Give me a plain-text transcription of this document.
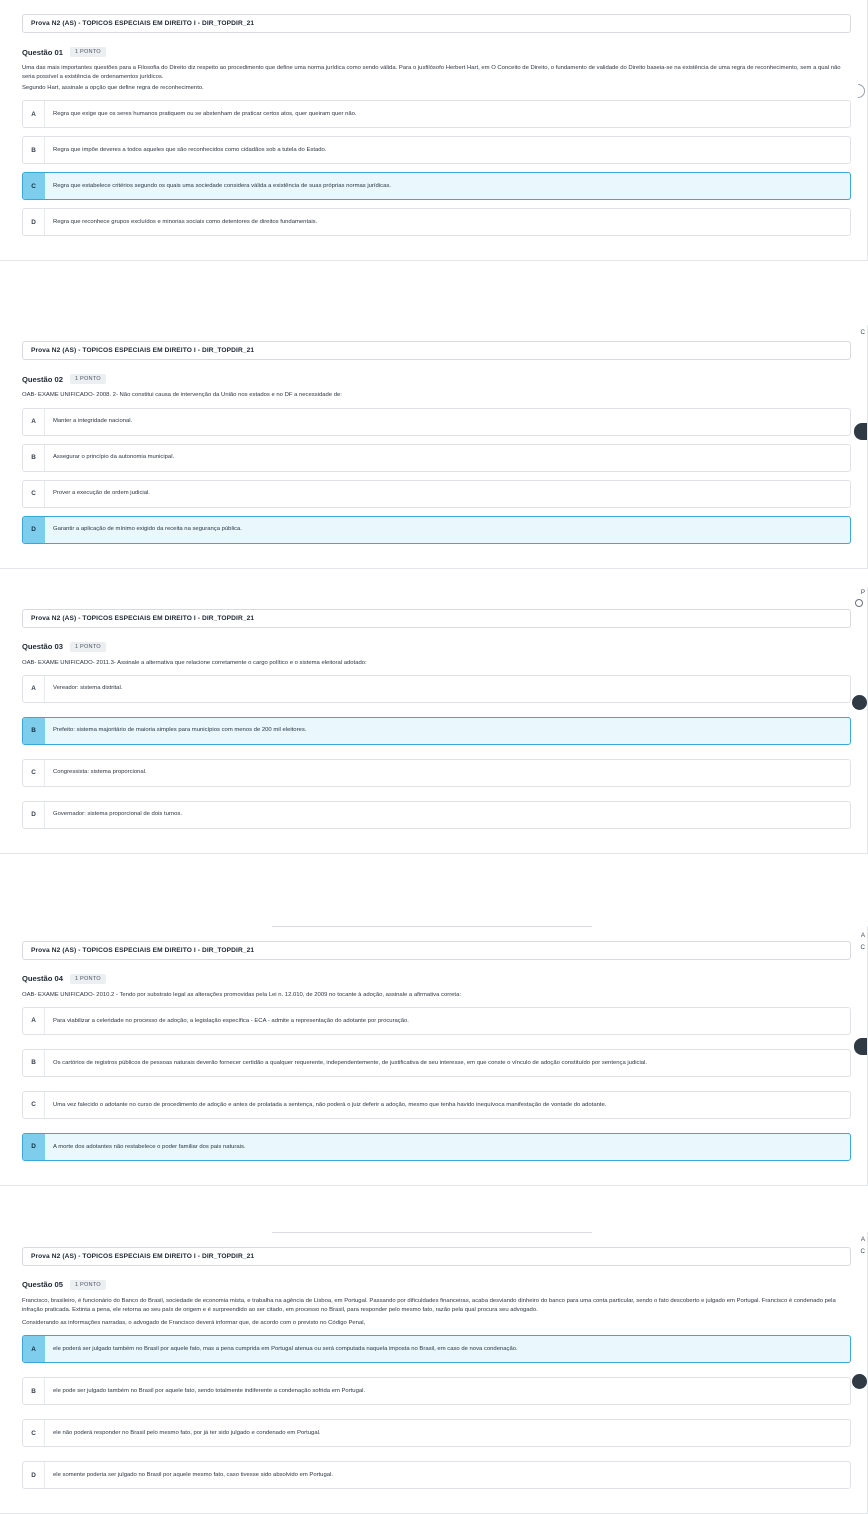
Prova N2 (AS) - TOPICOS ESPECIAIS EM DIREITO I - DIR_TOPDIR_21
Questão 01	1 PONTO
Uma das mais importantes questões para a Filosofia do Direito diz respeito ao procedimento que define uma norma jurídica como sendo válida. Para o jusfilósofo Herbert Hart, em O Conceito de Direito, o fundamento de validade do Direito baseia-se na existência de uma regra de reconhecimento, sem a qual não seria possível a existência de ordenamentos jurídicos.
Segundo Hart, assinale a opção que define regra de reconhecimento.
A	Regra que exige que os seres humanos pratiquem ou se abstenham de praticar certos atos, quer queiram quer não.
B	Regra que impõe deveres a todos aqueles que são reconhecidos como cidadãos sob a tutela do Estado.
C	Regra que estabelece critérios segundo os quais uma sociedade considera válida a existência de suas próprias normas jurídicas.
D	Regra que reconhece grupos excluídos e minorias sociais como detentores de direitos fundamentais.
C
Prova N2 (AS) - TOPICOS ESPECIAIS EM DIREITO I - DIR_TOPDIR_21
Questão 02	1 PONTO
OAB- EXAME UNIFICADO- 2008. 2- Não constitui causa de intervenção da União nos estados e no DF a necessidade de:
A	Manter a integridade nacional.
B	Assegurar o princípio da autonomia municipal.
C	Prover a execução de ordem judicial.
D	Garantir a aplicação de mínimo exigido da receita na segurança pública.
P
Prova N2 (AS) - TOPICOS ESPECIAIS EM DIREITO I - DIR_TOPDIR_21
Questão 03	1 PONTO
OAB- EXAME UNIFICADO- 2011.3- Assinale a alternativa que relacione corretamente o cargo político e o sistema eleitoral adotado:
A	Vereador: sistema distrital.
B	Prefeito: sistema majoritário de maioria simples para municípios com menos de 200 mil eleitores.
C	Congressista: sistema proporcional.
D	Governador: sistema proporcional de dois turnos.
A
C
Prova N2 (AS) - TOPICOS ESPECIAIS EM DIREITO I - DIR_TOPDIR_21
Questão 04	1 PONTO
OAB- EXAME UNIFICADO- 2010.2 - Tendo por substrato legal as alterações promovidas pela Lei n. 12.010, de 2009 no tocante à adoção, assinale a afirmativa correta:
A	Para viabilizar a celeridade no processo de adoção, a legislação específica - ECA - admite a representação do adotante por procuração.
B	Os cartórios de registros públicos de pessoas naturais deverão fornecer certidão a qualquer requerente, independentemente, de justificativa de seu interesse, em que conste o vínculo de adoção constituído por sentença judicial.
C	Uma vez falecido o adotante no curso de procedimento de adoção e antes de prolatada a sentença, não poderá o juiz deferir a adoção, mesmo que tenha havido inequívoca manifestação de vontade do adotante.
D	A morte dos adotantes não restabelece o poder familiar dos pais naturais.
A
C
Prova N2 (AS) - TOPICOS ESPECIAIS EM DIREITO I - DIR_TOPDIR_21
Questão 05	1 PONTO
Francisco, brasileiro, é funcionário do Banco do Brasil, sociedade de economia mista, e trabalha na agência de Lisboa, em Portugal. Passando por dificuldades financeiras, acaba desviando dinheiro do banco para uma conta particular, sendo o fato descoberto e julgado em Portugal. Francisco é condenado pela infração praticada. Extinta a pena, ele retorna ao seu país de origem e é surpreendido ao ser citado, em processo no Brasil, para responder pelo mesmo fato, razão pela qual procura seu advogado.
Considerando as informações narradas, o advogado de Francisco deverá informar que, de acordo com o previsto no Código Penal,
A	ele poderá ser julgado também no Brasil por aquele fato, mas a pena cumprida em Portugal atenua ou será computada naquela imposta no Brasil, em caso de nova condenação.
B	ele pode ser julgado também no Brasil por aquele fato, sendo totalmente indiferente a condenação sofrida em Portugal.
C	ele não poderá responder no Brasil pelo mesmo fato, por já ter sido julgado e condenado em Portugal.
D	ele somente poderia ser julgado no Brasil por aquele mesmo fato, caso tivesse sido absolvido em Portugal.
